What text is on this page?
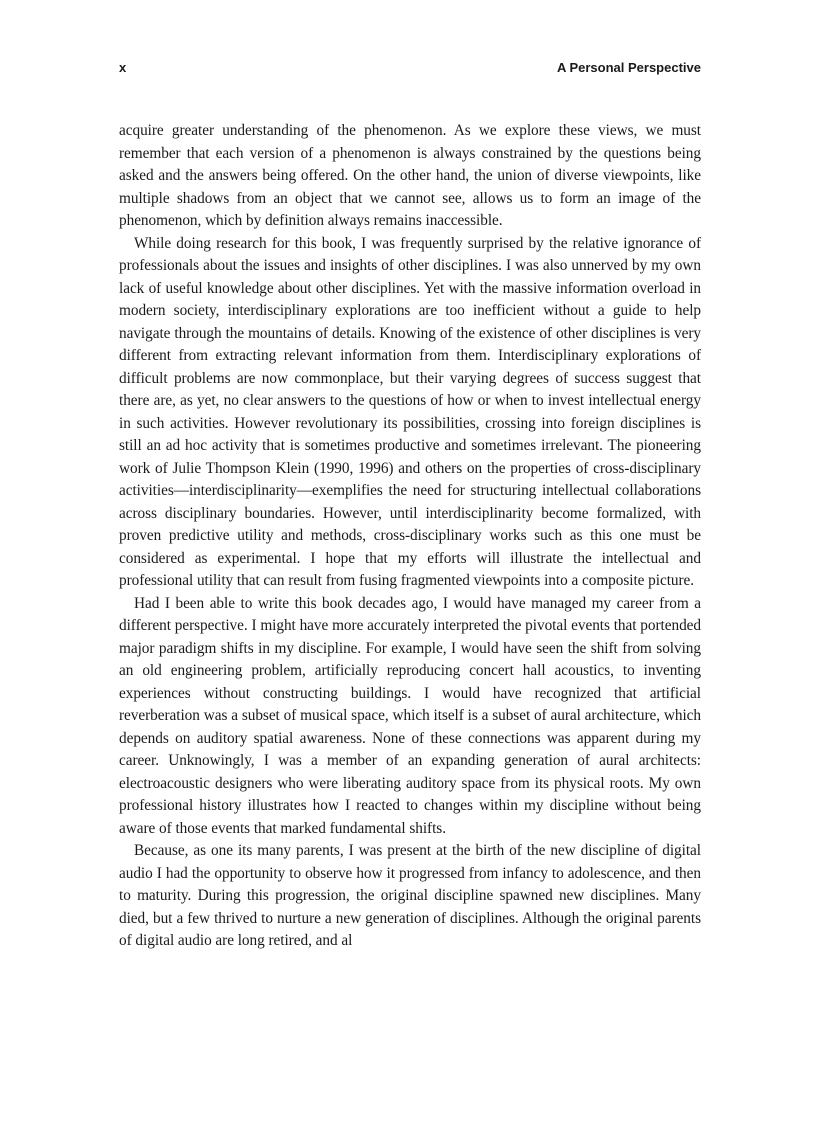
x	A Personal Perspective

acquire greater understanding of the phenomenon. As we explore these views, we must remember that each version of a phenomenon is always constrained by the questions being asked and the answers being offered. On the other hand, the union of diverse viewpoints, like multiple shadows from an object that we cannot see, allows us to form an image of the phenomenon, which by definition always remains inaccessible.

While doing research for this book, I was frequently surprised by the relative ignorance of professionals about the issues and insights of other disciplines. I was also unnerved by my own lack of useful knowledge about other disciplines. Yet with the massive information overload in modern society, interdisciplinary explorations are too inefficient without a guide to help navigate through the mountains of details. Knowing of the existence of other disciplines is very different from extracting relevant information from them. Interdisciplinary explorations of difficult problems are now commonplace, but their varying degrees of success suggest that there are, as yet, no clear answers to the questions of how or when to invest intellectual energy in such activities. However revolutionary its possibilities, crossing into foreign disciplines is still an ad hoc activity that is sometimes productive and sometimes irrelevant. The pioneering work of Julie Thompson Klein (1990, 1996) and others on the properties of cross-disciplinary activities—interdisciplinarity—exemplifies the need for structuring intellectual collaborations across disciplinary boundaries. However, until interdisciplinarity become formalized, with proven predictive utility and methods, cross-disciplinary works such as this one must be considered as experimental. I hope that my efforts will illustrate the intellectual and professional utility that can result from fusing fragmented viewpoints into a composite picture.

Had I been able to write this book decades ago, I would have managed my career from a different perspective. I might have more accurately interpreted the pivotal events that portended major paradigm shifts in my discipline. For example, I would have seen the shift from solving an old engineering problem, artificially reproducing concert hall acoustics, to inventing experiences without constructing buildings. I would have recognized that artificial reverberation was a subset of musical space, which itself is a subset of aural architecture, which depends on auditory spatial awareness. None of these connections was apparent during my career. Unknowingly, I was a member of an expanding generation of aural architects: electroacoustic designers who were liberating auditory space from its physical roots. My own professional history illustrates how I reacted to changes within my discipline without being aware of those events that marked fundamental shifts.

Because, as one its many parents, I was present at the birth of the new discipline of digital audio I had the opportunity to observe how it progressed from infancy to adolescence, and then to maturity. During this progression, the original discipline spawned new disciplines. Many died, but a few thrived to nurture a new generation of disciplines. Although the original parents of digital audio are long retired, and al
